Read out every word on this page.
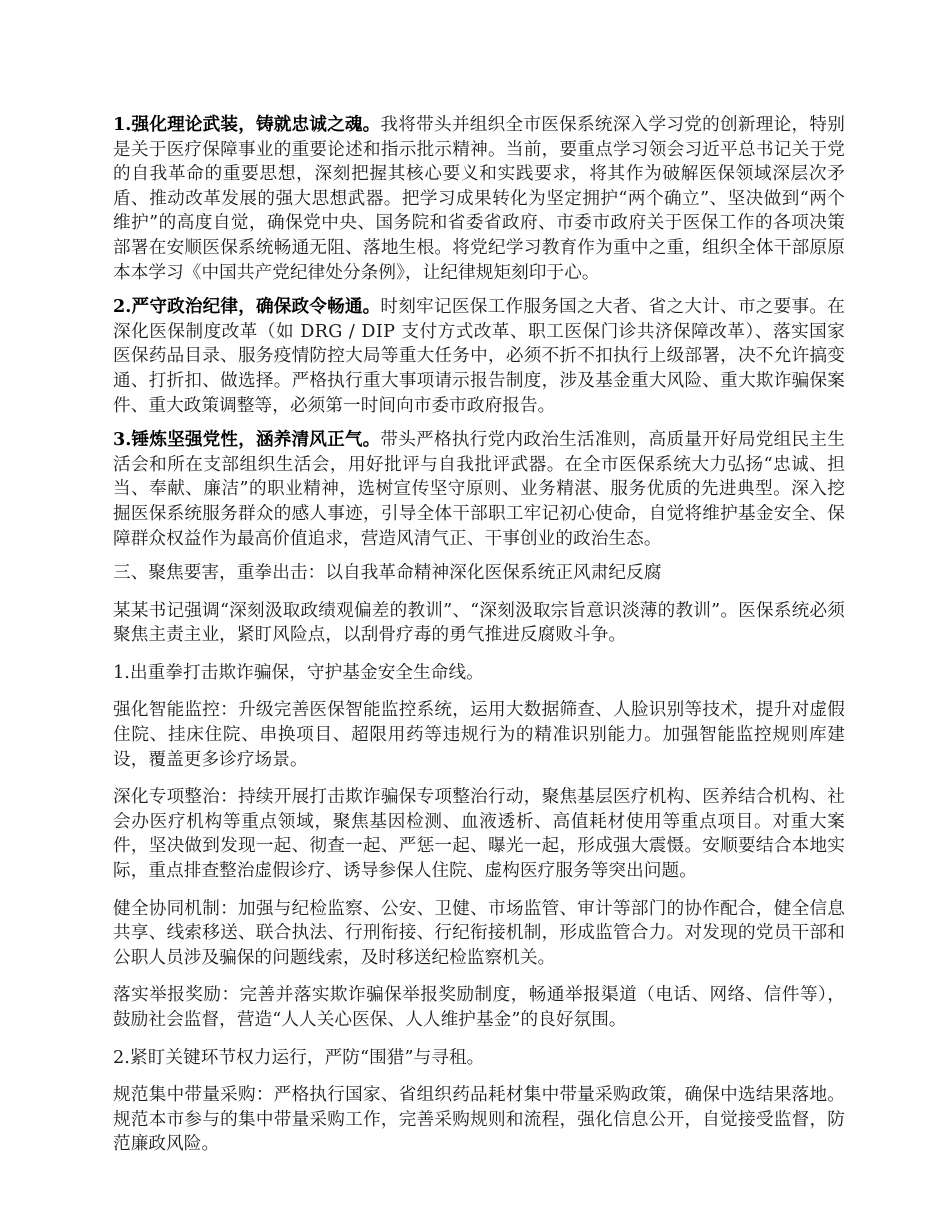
1.强化理论武装，铸就忠诚之魂。我将带头并组织全市医保系统深入学习党的创新理论，特别是关于医疗保障事业的重要论述和指示批示精神。当前，要重点学习领会习近平总书记关于党的自我革命的重要思想，深刻把握其核心要义和实践要求，将其作为破解医保领域深层次矛盾、推动改革发展的强大思想武器。把学习成果转化为坚定拥护“两个确立”、坚决做到“两个维护”的高度自觉，确保党中央、国务院和省委省政府、市委市政府关于医保工作的各项决策部署在安顺医保系统畅通无阻、落地生根。将党纪学习教育作为重中之重，组织全体干部原原本本学习《中国共产党纪律处分条例》，让纪律规矩刻印于心。

2.严守政治纪律，确保政令畅通。时刻牢记医保工作服务国之大者、省之大计、市之要事。在深化医保制度改革（如 DRG / DIP 支付方式改革、职工医保门诊共济保障改革）、落实国家医保药品目录、服务疫情防控大局等重大任务中，必须不折不扣执行上级部署，决不允许搞变通、打折扣、做选择。严格执行重大事项请示报告制度，涉及基金重大风险、重大欺诈骗保案件、重大政策调整等，必须第一时间向市委市政府报告。

3.锤炼坚强党性，涵养清风正气。带头严格执行党内政治生活准则，高质量开好局党组民主生活会和所在支部组织生活会，用好批评与自我批评武器。在全市医保系统大力弘扬“忠诚、担当、奉献、廉洁”的职业精神，选树宣传坚守原则、业务精湛、服务优质的先进典型。深入挖掘医保系统服务群众的感人事迹，引导全体干部职工牢记初心使命，自觉将维护基金安全、保障群众权益作为最高价值追求，营造风清气正、干事创业的政治生态。

三、聚焦要害，重拳出击：以自我革命精神深化医保系统正风肃纪反腐

某某书记强调“深刻汲取政绩观偏差的教训”、“深刻汲取宗旨意识淡薄的教训”。医保系统必须聚焦主责主业，紧盯风险点，以刮骨疗毒的勇气推进反腐败斗争。

1.出重拳打击欺诈骗保，守护基金安全生命线。

强化智能监控：升级完善医保智能监控系统，运用大数据筛查、人脸识别等技术，提升对虚假住院、挂床住院、串换项目、超限用药等违规行为的精准识别能力。加强智能监控规则库建设，覆盖更多诊疗场景。

深化专项整治：持续开展打击欺诈骗保专项整治行动，聚焦基层医疗机构、医养结合机构、社会办医疗机构等重点领域，聚焦基因检测、血液透析、高值耗材使用等重点项目。对重大案件，坚决做到发现一起、彻查一起、严惩一起、曝光一起，形成强大震慑。安顺要结合本地实际，重点排查整治虚假诊疗、诱导参保人住院、虚构医疗服务等突出问题。

健全协同机制：加强与纪检监察、公安、卫健、市场监管、审计等部门的协作配合，健全信息共享、线索移送、联合执法、行刑衔接、行纪衔接机制，形成监管合力。对发现的党员干部和公职人员涉及骗保的问题线索，及时移送纪检监察机关。

落实举报奖励：完善并落实欺诈骗保举报奖励制度，畅通举报渠道（电话、网络、信件等），鼓励社会监督，营造“人人关心医保、人人维护基金”的良好氛围。

2.紧盯关键环节权力运行，严防“围猎”与寻租。

规范集中带量采购：严格执行国家、省组织药品耗材集中带量采购政策，确保中选结果落地。规范本市参与的集中带量采购工作，完善采购规则和流程，强化信息公开，自觉接受监督，防范廉政风险。
